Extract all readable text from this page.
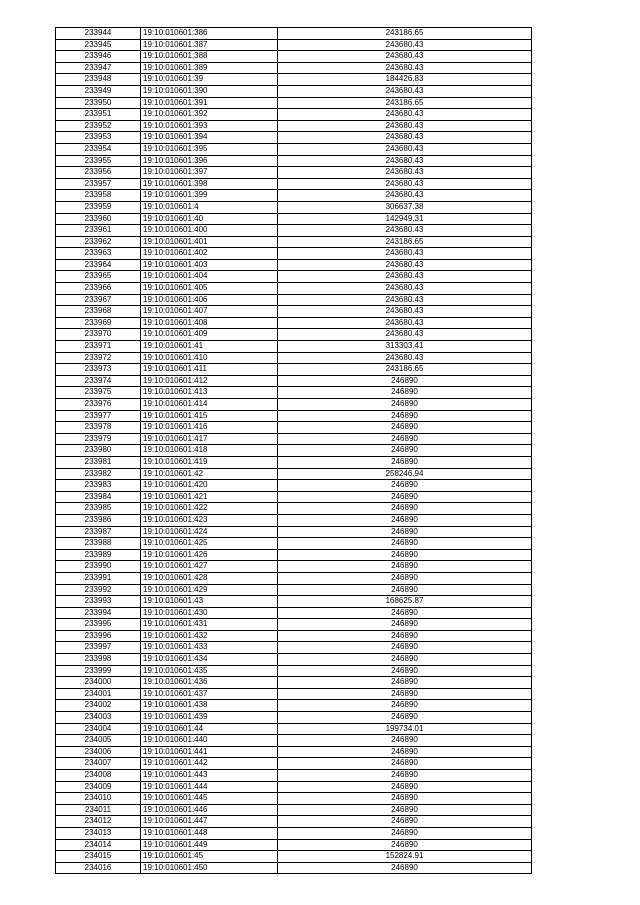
233944	19:10:010601:386	243186.65
233945	19:10:010601:387	243680.43
233946	19:10:010601:388	243680.43
233947	19:10:010601:389	243680.43
233948	19:10:010601:39	184426.83
233949	19:10:010601:390	243680.43
233950	19:10:010601:391	243186.65
233951	19:10:010601:392	243680.43
233952	19:10:010601:393	243680.43
233953	19:10:010601:394	243680.43
233954	19:10:010601:395	243680.43
233955	19:10:010601:396	243680.43
233956	19:10:010601:397	243680.43
233957	19:10:010601:398	243680.43
233958	19:10:010601:399	243680.43
233959	19:10:010601:4	306637.38
233960	19:10:010601:40	142949.31
233961	19:10:010601:400	243680.43
233962	19:10:010601:401	243186.65
233963	19:10:010601:402	243680.43
233964	19:10:010601:403	243680.43
233965	19:10:010601:404	243680.43
233966	19:10:010601:405	243680.43
233967	19:10:010601:406	243680.43
233968	19:10:010601:407	243680.43
233969	19:10:010601:408	243680.43
233970	19:10:010601:409	243680.43
233971	19:10:010601:41	313303.41
233972	19:10:010601:410	243680.43
233973	19:10:010601:411	243186.65
233974	19:10:010601:412	246890
233975	19:10:010601:413	246890
233976	19:10:010601:414	246890
233977	19:10:010601:415	246890
233978	19:10:010601:416	246890
233979	19:10:010601:417	246890
233980	19:10:010601:418	246890
233981	19:10:010601:419	246890
233982	19:10:010601:42	258246.94
233983	19:10:010601:420	246890
233984	19:10:010601:421	246890
233985	19:10:010601:422	246890
233986	19:10:010601:423	246890
233987	19:10:010601:424	246890
233988	19:10:010601:425	246890
233989	19:10:010601:426	246890
233990	19:10:010601:427	246890
233991	19:10:010601:428	246890
233992	19:10:010601:429	246890
233993	19:10:010601:43	168625.87
233994	19:10:010601:430	246890
233995	19:10:010601:431	246890
233996	19:10:010601:432	246890
233997	19:10:010601:433	246890
233998	19:10:010601:434	246890
233999	19:10:010601:435	246890
234000	19:10:010601:436	246890
234001	19:10:010601:437	246890
234002	19:10:010601:438	246890
234003	19:10:010601:439	246890
234004	19:10:010601:44	199734.01
234005	19:10:010601:440	246890
234006	19:10:010601:441	246890
234007	19:10:010601:442	246890
234008	19:10:010601:443	246890
234009	19:10:010601:444	246890
234010	19:10:010601:445	246890
234011	19:10:010601:446	246890
234012	19:10:010601:447	246890
234013	19:10:010601:448	246890
234014	19:10:010601:449	246890
234015	19:10:010601:45	152824.91
234016	19:10:010601:450	246890
